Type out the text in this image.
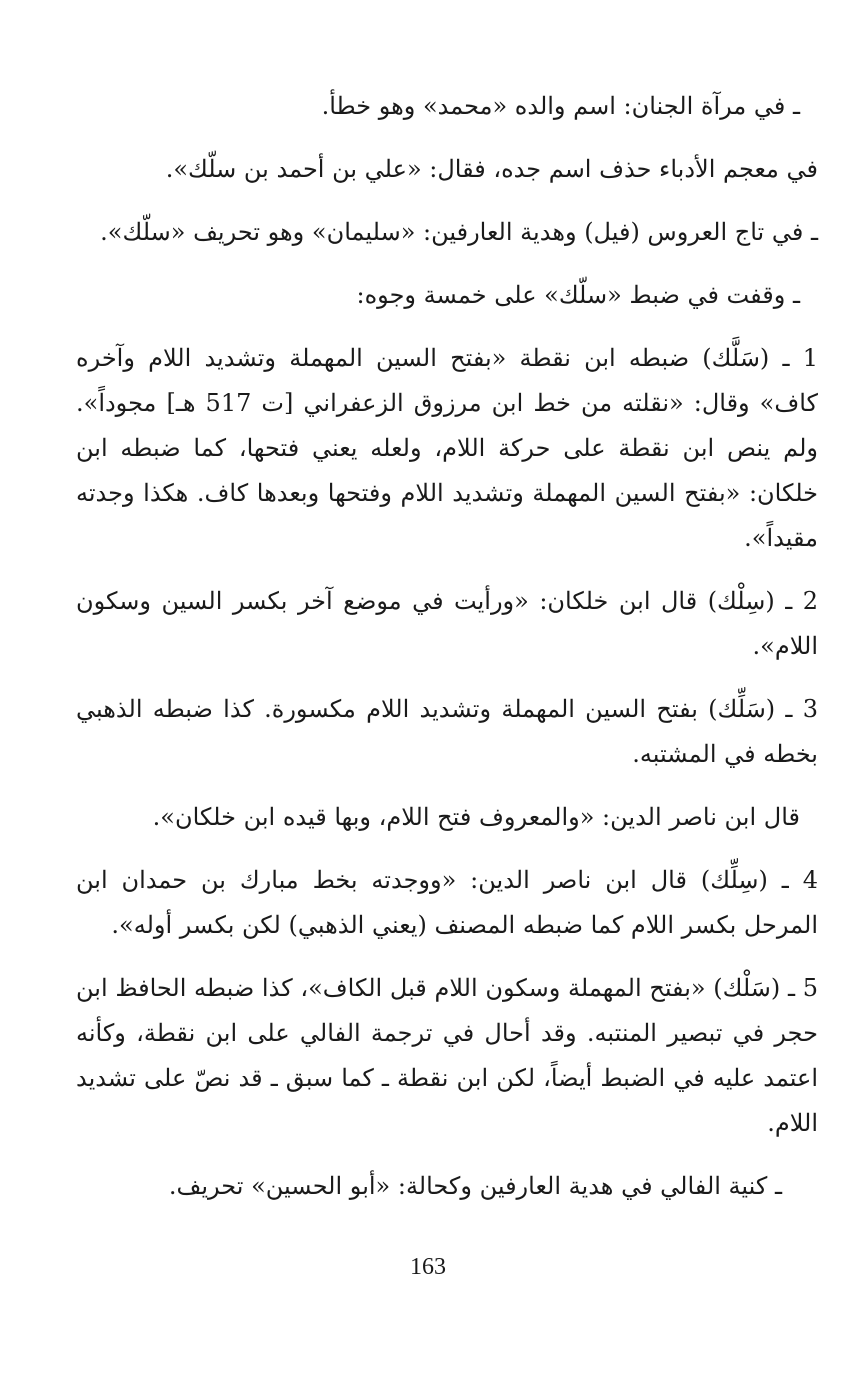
ـ في مرآة الجنان: اسم والده «محمد» وهو خطأ.

في معجم الأدباء حذف اسم جده، فقال: «علي بن أحمد بن سلّك».

ـ في تاج العروس (فيل) وهدية العارفين: «سليمان» وهو تحريف «سلّك».

ـ وقفت في ضبط «سلّك» على خمسة وجوه:

1 ـ (سَلَّك) ضبطه ابن نقطة «بفتح السين المهملة وتشديد اللام وآخره كاف» وقال: «نقلته من خط ابن مرزوق الزعفراني [ت 517 هـ] مجوداً». ولم ينص ابن نقطة على حركة اللام، ولعله يعني فتحها، كما ضبطه ابن خلكان: «بفتح السين المهملة وتشديد اللام وفتحها وبعدها كاف. هكذا وجدته مقيداً».

2 ـ (سِلْك) قال ابن خلكان: «ورأيت في موضع آخر بكسر السين وسكون اللام».

3 ـ (سَلِّك) بفتح السين المهملة وتشديد اللام مكسورة. كذا ضبطه الذهبي بخطه في المشتبه.

قال ابن ناصر الدين: «والمعروف فتح اللام، وبها قيده ابن خلكان».

4 ـ (سِلِّك) قال ابن ناصر الدين: «ووجدته بخط مبارك بن حمدان ابن المرحل بكسر اللام كما ضبطه المصنف (يعني الذهبي) لكن بكسر أوله».

5 ـ (سَلْك) «بفتح المهملة وسكون اللام قبل الكاف»، كذا ضبطه الحافظ ابن حجر في تبصير المنتبه. وقد أحال في ترجمة الفالي على ابن نقطة، وكأنه اعتمد عليه في الضبط أيضاً، لكن ابن نقطة ـ كما سبق ـ قد نصّ على تشديد اللام.

ـ كنية الفالي في هدية العارفين وكحالة: «أبو الحسين» تحريف.

163
